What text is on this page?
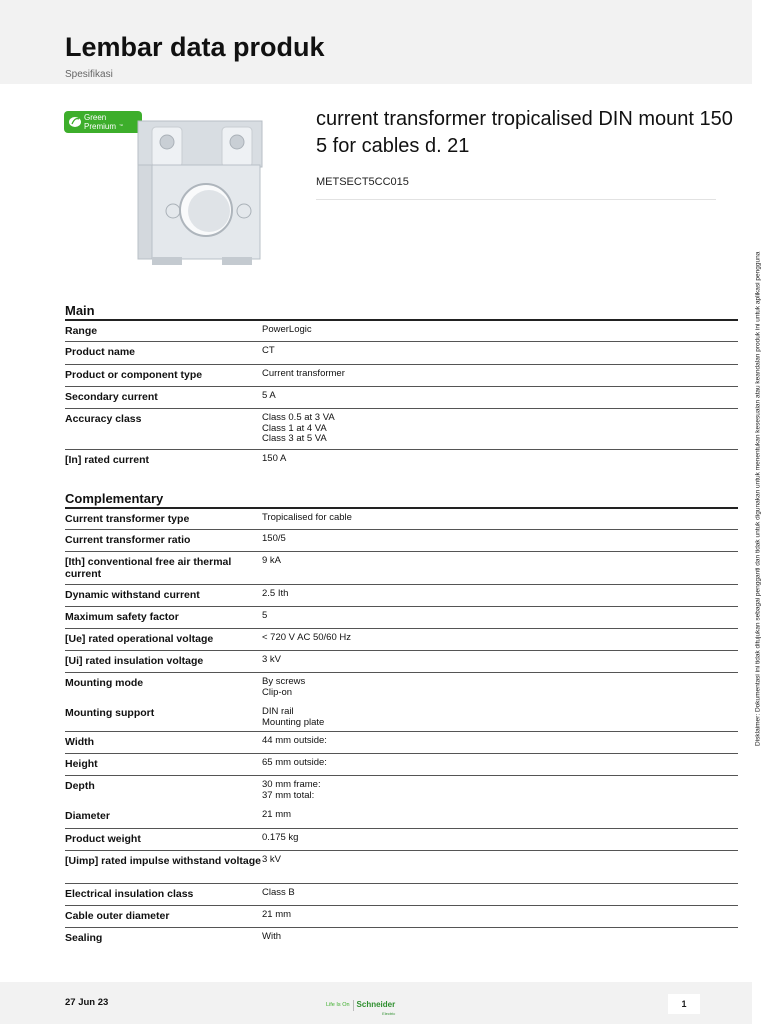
Lembar data produk
Spesifikasi
Green
Premium ™	current transformer tropicalised DIN mount 150 5 for cables d. 21
METSECT5CC015
Main
Range	PowerLogic
Product name	CT
Product or component type	Current transformer
Secondary current	5 A
Accuracy class	Class 0.5 at 3 VA
Class 1 at 4 VA
Class 3 at 5 VA
[In] rated current	150 A
Complementary
Current transformer type	Tropicalised for cable
Current transformer ratio	150/5
[Ith] conventional free air thermal current
9 kA
Dynamic withstand current	2.5 Ith
Maximum safety factor	5
[Ue] rated operational voltage	< 720 V AC 50/60 Hz
[Ui] rated insulation voltage	3 kV
Mounting mode	By screws
Clip-on
Mounting support	DIN rail
Mounting plate
Width	44 mm outside:
Height	65 mm outside:
Depth	30 mm frame:
37 mm total:
Diameter	21 mm
Product weight	0.175 kg
[Uimp] rated impulse withstand voltage 3 kV
Electrical insulation class	Class B
Cable outer diameter	21 mm
Sealing	With
Disklaimer: Dokumentasi ini tidak ditujukan sebagai pengganti dan tidak untuk digunakan untuk menentukan kesesuaian atau keandalan produk ini untuk aplikasi pengguna
27 Jun 23	Life Is On Schneider
Electric
1
